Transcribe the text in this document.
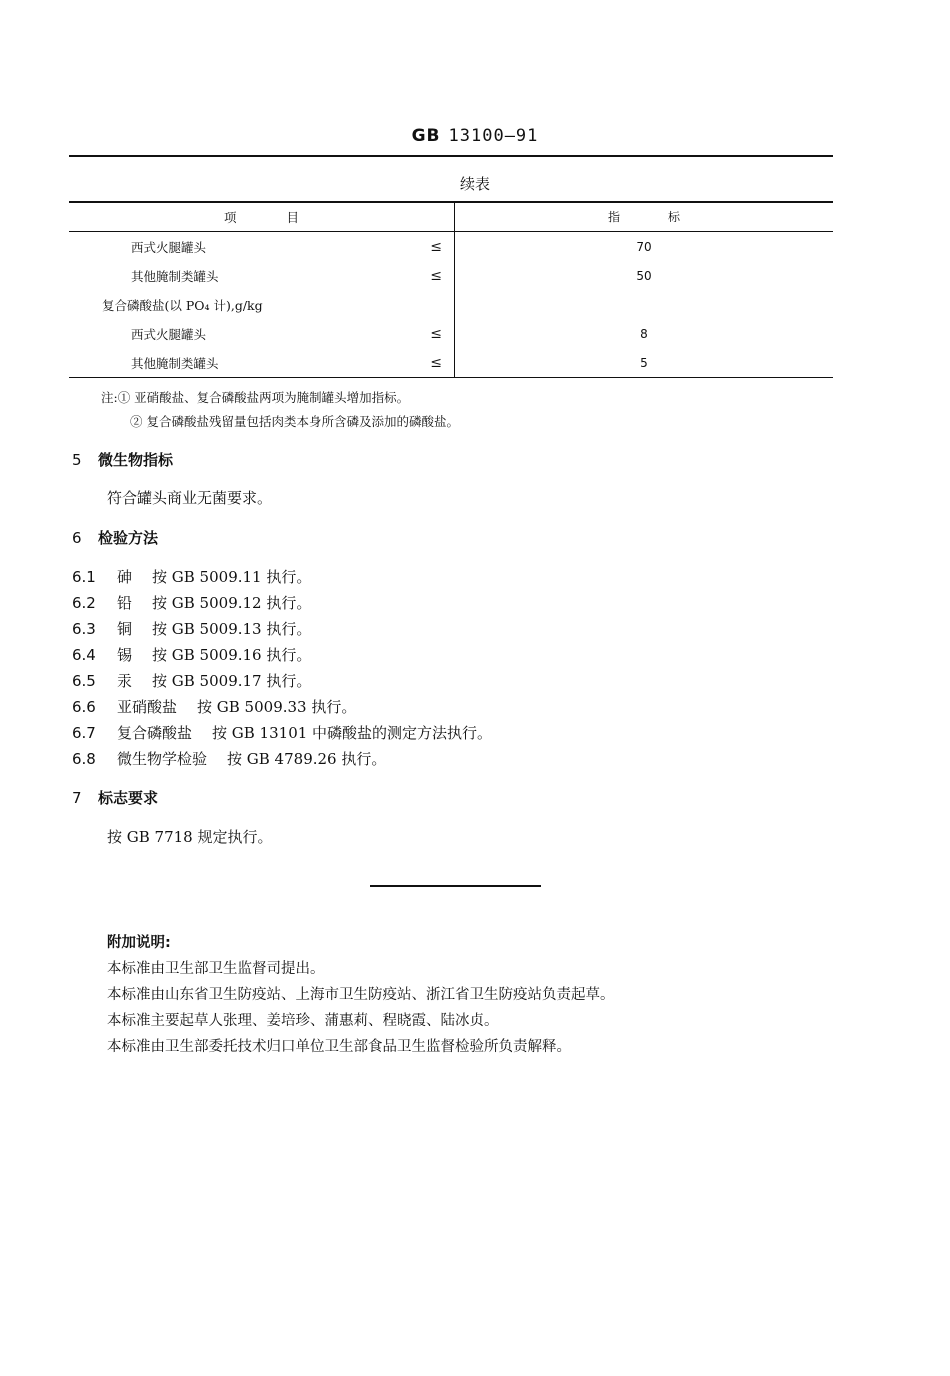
GB 13100—91
续表
项　　　　目	指　　　　标

西式火腿罐头 ≤	70

其他腌制类罐头 ≤	50

复合磷酸盐(以 PO₄ 计),g/kg	

西式火腿罐头 ≤	8

其他腌制类罐头 ≤	5
注:① 亚硝酸盐、复合磷酸盐两项为腌制罐头增加指标。
② 复合磷酸盐残留量包括肉类本身所含磷及添加的磷酸盐。
5 微生物指标
符合罐头商业无菌要求。
6 检验方法
6.1 砷 按 GB 5009.11 执行。
6.2 铅 按 GB 5009.12 执行。
6.3 铜 按 GB 5009.13 执行。
6.4 锡 按 GB 5009.16 执行。
6.5 汞 按 GB 5009.17 执行。
6.6 亚硝酸盐 按 GB 5009.33 执行。
6.7 复合磷酸盐 按 GB 13101 中磷酸盐的测定方法执行。
6.8 微生物学检验 按 GB 4789.26 执行。
7 标志要求
按 GB 7718 规定执行。
附加说明:
本标准由卫生部卫生监督司提出。
本标准由山东省卫生防疫站、上海市卫生防疫站、浙江省卫生防疫站负责起草。
本标准主要起草人张理、姜培珍、蒲惠莉、程晓霞、陆冰贞。
本标准由卫生部委托技术归口单位卫生部食品卫生监督检验所负责解释。
